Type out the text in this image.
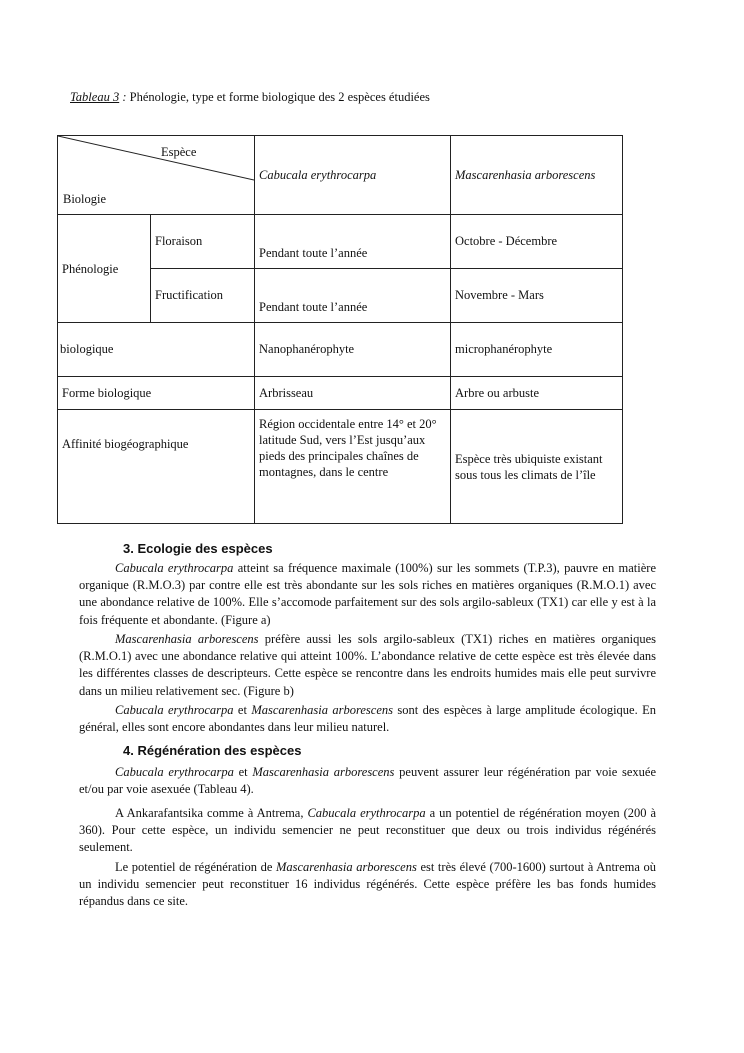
Tableau 3 : Phénologie, type et forme biologique des 2 espèces étudiées
Espèce
Biologie		Cabucala erythrocarpa	Mascarenhasia arborescens
Phénologie	Floraison	Pendant toute l’année	Octobre - Décembre
	Fructification	Pendant toute l’année	Novembre - Mars
biologique		Nanophanérophyte	microphanérophyte
Forme biologique		Arbrisseau	Arbre ou arbuste
Affinité biogéographique		Région occidentale entre 14° et 20° latitude Sud, vers l’Est jusqu’aux pieds des principales chaînes de montagnes, dans le centre	Espèce très ubiquiste existant sous tous les climats de l’île
3. Ecologie des espèces

Cabucala erythrocarpa atteint sa fréquence maximale (100%) sur les sommets (T.P.3), pauvre en matière organique (R.M.O.3) par contre elle est très abondante sur les sols riches en matières organiques (R.M.O.1) avec une abondance relative de 100%. Elle s’accomode parfaitement sur des sols argilo-sableux (TX1) car elle y est à la fois fréquente et abondante. (Figure a)

Mascarenhasia arborescens préfère aussi les sols argilo-sableux (TX1) riches en matières organiques (R.M.O.1) avec une abondance relative qui atteint 100%. L’abondance relative de cette espèce est très élevée dans les différentes classes de descripteurs. Cette espèce se rencontre dans les endroits humides mais elle peut survivre dans un milieu relativement sec. (Figure b)

Cabucala erythrocarpa et Mascarenhasia arborescens sont des espèces à large amplitude écologique. En général, elles sont encore abondantes dans leur milieu naturel.

4. Régénération des espèces

Cabucala erythrocarpa et Mascarenhasia arborescens peuvent assurer leur régénération par voie sexuée et/ou par voie asexuée (Tableau 4).

A Ankarafantsika comme à Antrema, Cabucala erythrocarpa a un potentiel de régénération moyen (200 à 360). Pour cette espèce, un individu semencier ne peut reconstituer que deux ou trois individus régénérés seulement.

Le potentiel de régénération de Mascarenhasia arborescens est très élevé (700-1600) surtout à Antrema où un individu semencier peut reconstituer 16 individus régénérés. Cette espèce préfère les bas fonds humides répandus dans ce site.
